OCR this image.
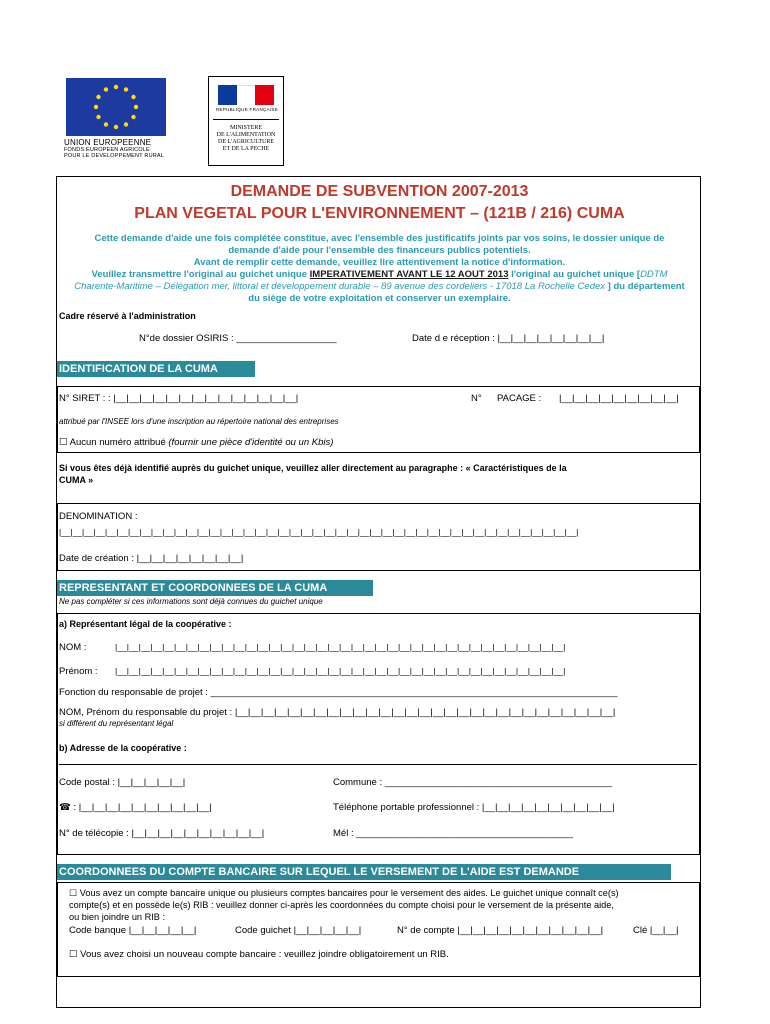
UNION EUROPEENNE
FONDS EUROPEEN AGRICOLE
POUR LE DEVELOPPEMENT RURAL
REPUBLIQUE FRANÇAISE
MINISTERE
DE L'ALIMENTATION
DE L'AGRICULTURE
ET DE LA PECHE
DEMANDE DE SUBVENTION 2007-2013
PLAN VEGETAL POUR L'ENVIRONNEMENT – (121B / 216) CUMA
Cette demande d'aide une fois complétée constitue, avec l'ensemble des justificatifs joints par vos soins, le dossier unique de
demande d'aide pour l'ensemble des financeurs publics potentiels.
Avant de remplir cette demande, veuillez lire attentivement la notice d'information.
Veuillez transmettre l'original au guichet unique IMPERATIVEMENT AVANT LE 12 AOUT 2013 l'original au guichet unique [DDTM
Charente-Maritime – Délégation mer, littoral et développement durable – 89 avenue des cordeliers - 17018 La Rochelle Cedex ] du département
du siège de votre exploitation et conserver un exemplaire.
Cadre réservé à l'administration
N°de dossier OSIRIS : ___________________	Date d e réception : |__|__|__|__|__|__|__|__|
IDENTIFICATION DE LA CUMA
N° SIRET : : |__|__|__|__|__|__|__|__|__|__|__|__|__|__|	N° PACAGE : |__|__|__|__|__|__|__|__|__|
attribué par l'INSEE lors d'une inscription au répertoire national des entreprises
☐ Aucun numéro attribué (fournir une pièce d'identité ou un Kbis)
Si vous êtes déjà identifié auprès du guichet unique, veuillez aller directement au paragraphe : « Caractéristiques de la
CUMA »
DENOMINATION :
|__|__|__|__|__|__|__|__|__|__|__|__|__|__|__|__|__|__|__|__|__|__|__|__|__|__|__|__|__|__|__|__|__|__|__|__|__|__|__|__|__|__|__|__|__|
Date de création : |__|__|__|__|__|__|__|__|
REPRESENTANT ET COORDONNEES DE LA CUMA
Ne pas compléter si ces informations sont déjà connues du guichet unique
a) Représentant légal de la coopérative :
NOM :	|__|__|__|__|__|__|__|__|__|__|__|__|__|__|__|__|__|__|__|__|__|__|__|__|__|__|__|__|__|__|__|__|__|__|__|__|__|__|
Prénom : |__|__|__|__|__|__|__|__|__|__|__|__|__|__|__|__|__|__|__|__|__|__|__|__|__|__|__|__|__|__|__|__|__|__|__|__|__|__|
Fonction du responsable de projet : _____________________________________________________________________________
NOM, Prénom du responsable du projet : |__|__|__|__|__|__|__|__|__|__|__|__|__|__|__|__|__|__|__|__|__|__|__|__|__|__|__|__|__|
si différent du représentant légal
b) Adresse de la coopérative :
Code postal : |__|__|__|__|__|	Commune : ___________________________________________
☎ : |__|__|__|__|__|__|__|__|__|__|	Téléphone portable professionnel : |__|__|__|__|__|__|__|__|__|__|
N° de télécopie : |__|__|__|__|__|__|__|__|__|__|	Mél : _________________________________________
COORDONNEES DU COMPTE BANCAIRE SUR LEQUEL LE VERSEMENT DE L'AIDE EST DEMANDE
☐ Vous avez un compte bancaire unique ou plusieurs comptes bancaires pour le versement des aides. Le guichet unique connaît ce(s)
compte(s) et en possède le(s) RIB : veuillez donner ci-après les coordonnées du compte choisi pour le versement de la présente aide,
ou bien joindre un RIB :
Code banque |__|__|__|__|__|	Code guichet |__|__|__|__|__|	N° de compte |__|__|__|__|__|__|__|__|__|__|__|	Clé |__|__|
☐ Vous avez choisi un nouveau compte bancaire : veuillez joindre obligatoirement un RIB.
